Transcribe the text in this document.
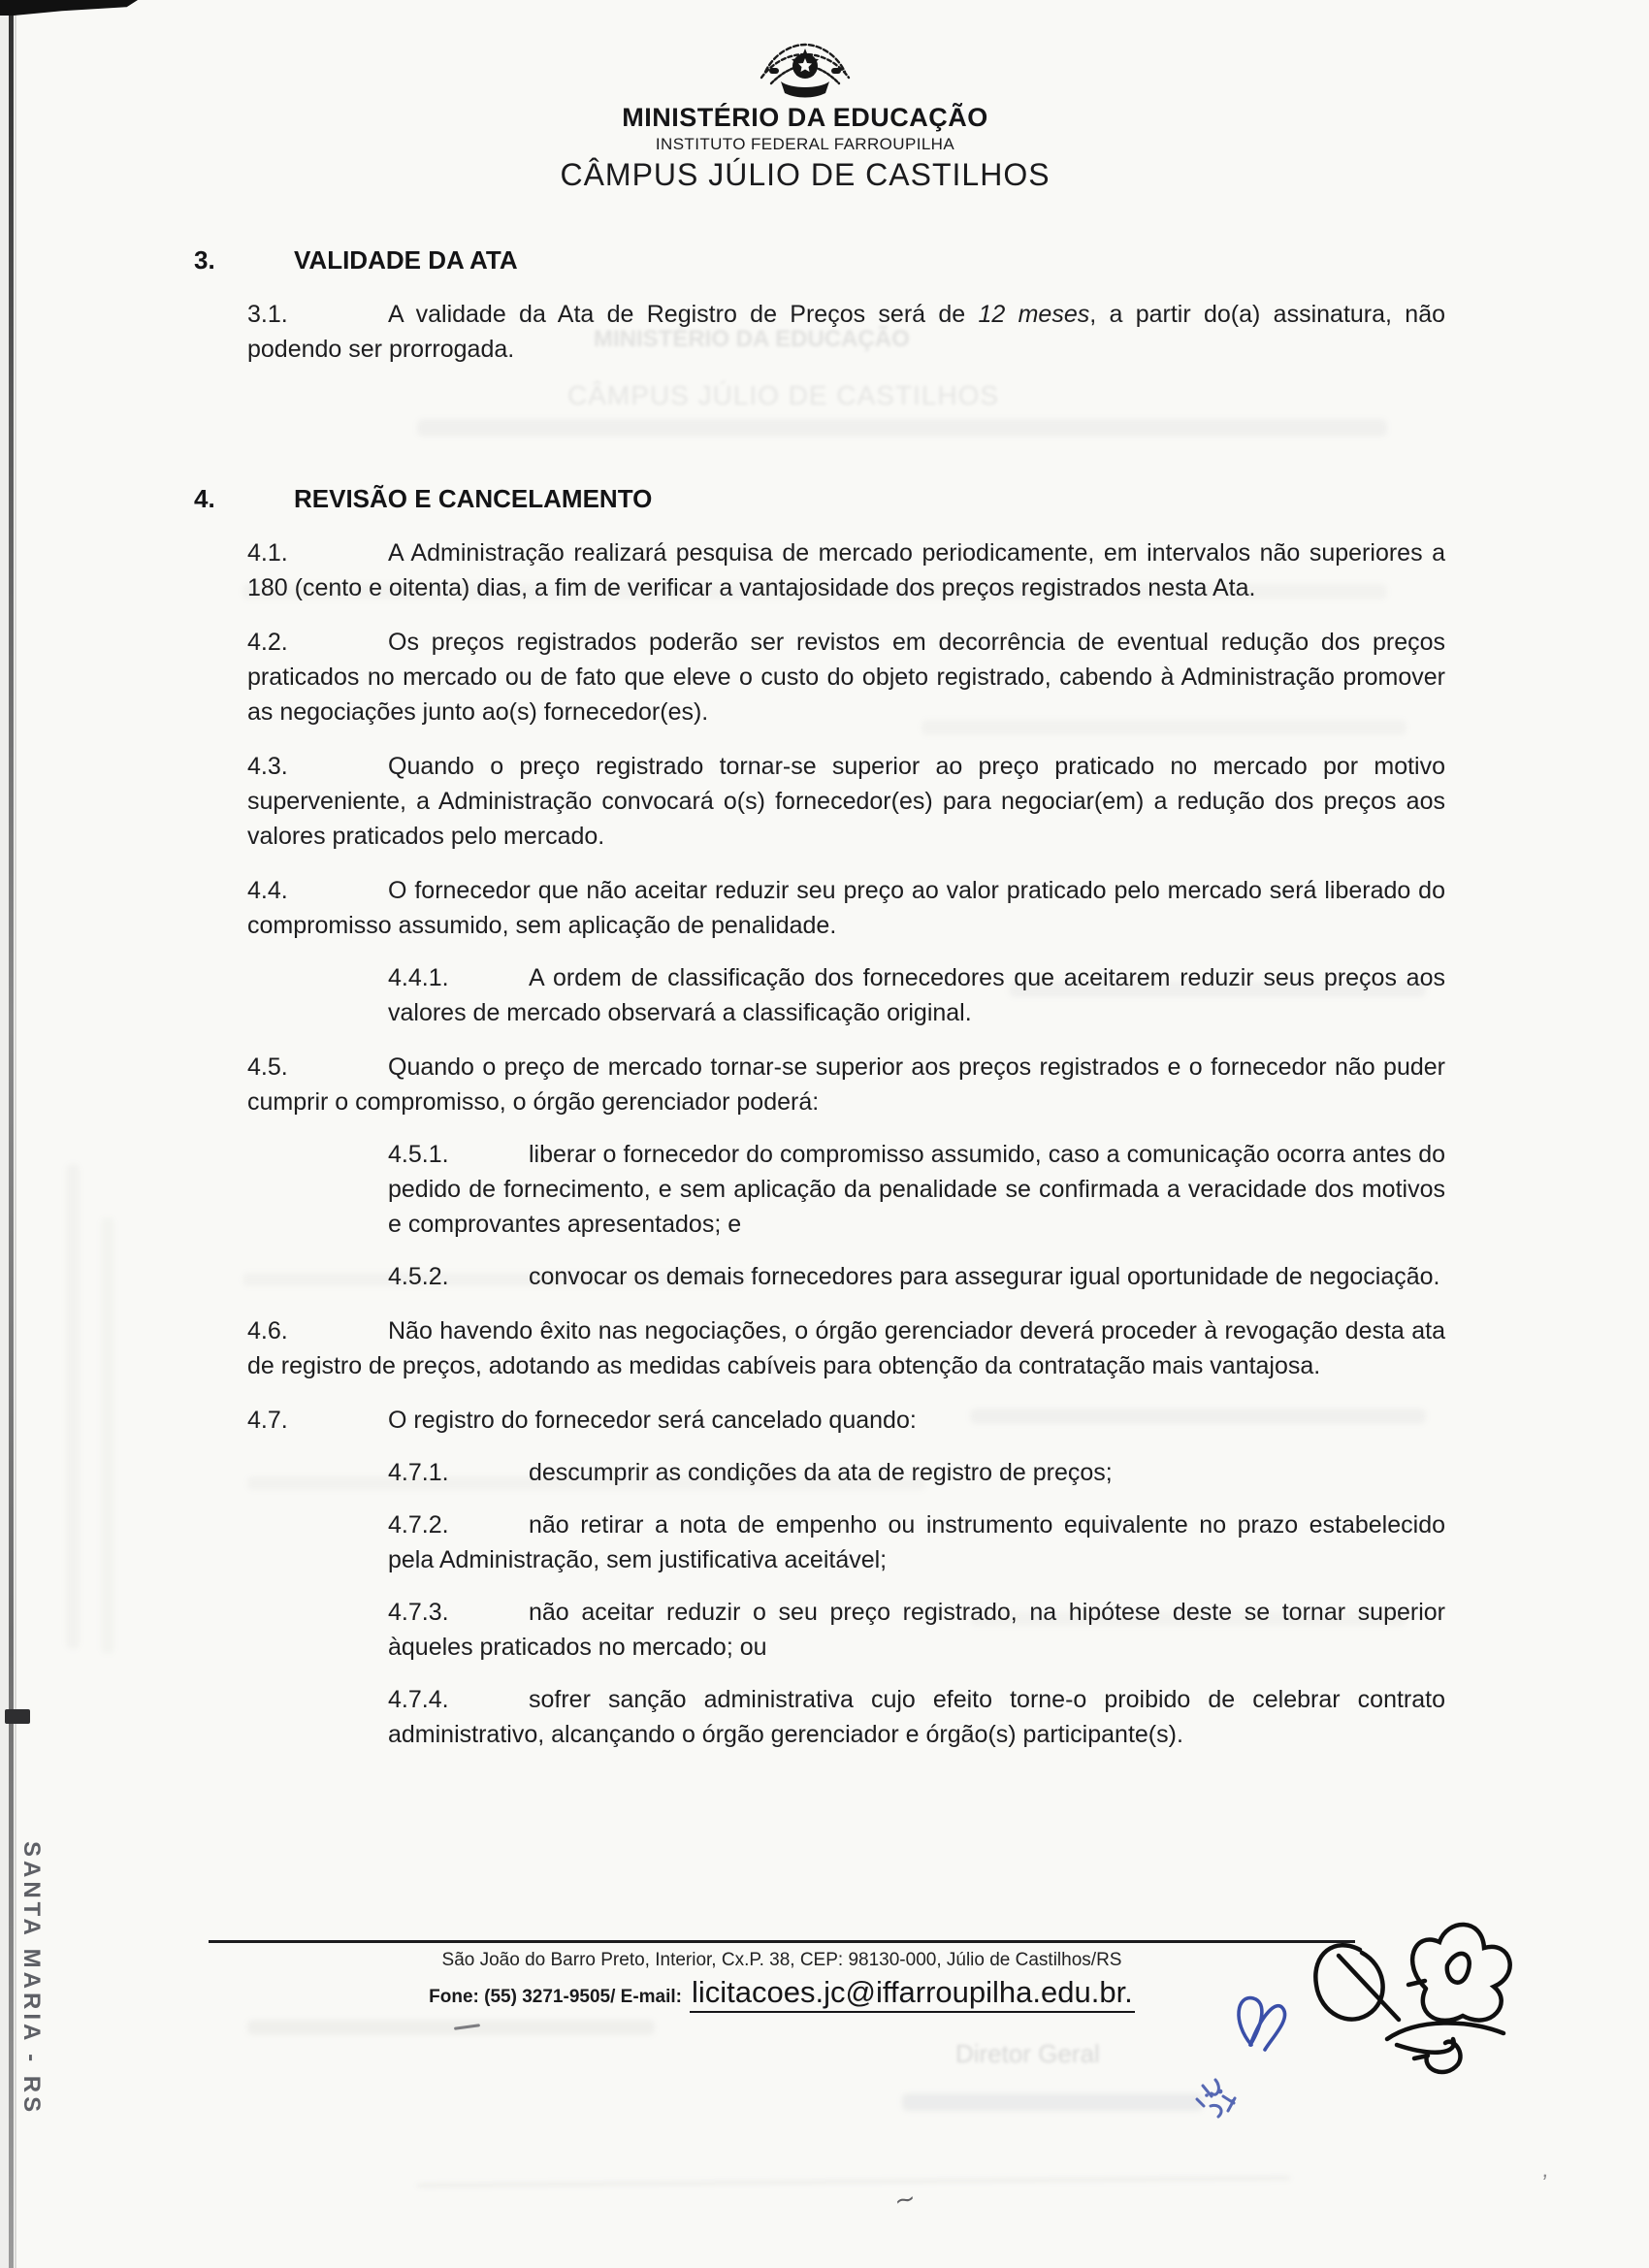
SANTA MARIA - RS
MINISTÉRIO DA EDUCAÇÃO
CÂMPUS JÚLIO DE CASTILHOS
Diretor Geral
MINISTÉRIO DA EDUCAÇÃO
INSTITUTO FEDERAL FARROUPILHA
CÂMPUS JÚLIO DE CASTILHOS
3.	VALIDADE DA ATA

3.1.	A validade da Ata de Registro de Preços será de 12 meses, a partir do(a) assinatura, não podendo ser prorrogada.

4.	REVISÃO E CANCELAMENTO

4.1.	A Administração realizará pesquisa de mercado periodicamente, em intervalos não superiores a 180 (cento e oitenta) dias, a fim de verificar a vantajosidade dos preços registrados nesta Ata.

4.2.	Os preços registrados poderão ser revistos em decorrência de eventual redução dos preços praticados no mercado ou de fato que eleve o custo do objeto registrado, cabendo à Administração promover as negociações junto ao(s) fornecedor(es).

4.3.	Quando o preço registrado tornar-se superior ao preço praticado no mercado por motivo superveniente, a Administração convocará o(s) fornecedor(es) para negociar(em) a redução dos preços aos valores praticados pelo mercado.

4.4.	O fornecedor que não aceitar reduzir seu preço ao valor praticado pelo mercado será liberado do compromisso assumido, sem aplicação de penalidade.

4.4.1.	A ordem de classificação dos fornecedores que aceitarem reduzir seus preços aos valores de mercado observará a classificação original.

4.5.	Quando o preço de mercado tornar-se superior aos preços registrados e o fornecedor não puder cumprir o compromisso, o órgão gerenciador poderá:

4.5.1.	liberar o fornecedor do compromisso assumido, caso a comunicação ocorra antes do pedido de fornecimento, e sem aplicação da penalidade se confirmada a veracidade dos motivos e comprovantes apresentados; e

4.5.2.	convocar os demais fornecedores para assegurar igual oportunidade de negociação.

4.6.	Não havendo êxito nas negociações, o órgão gerenciador deverá proceder à revogação desta ata de registro de preços, adotando as medidas cabíveis para obtenção da contratação mais vantajosa.

4.7.	O registro do fornecedor será cancelado quando:

4.7.1.	descumprir as condições da ata de registro de preços;

4.7.2.	não retirar a nota de empenho ou instrumento equivalente no prazo estabelecido pela Administração, sem justificativa aceitável;

4.7.3.	não aceitar reduzir o seu preço registrado, na hipótese deste se tornar superior àqueles praticados no mercado; ou

4.7.4.	sofrer sanção administrativa cujo efeito torne-o proibido de celebrar contrato administrativo, alcançando o órgão gerenciador e órgão(s) participante(s).

São João do Barro Preto, Interior, Cx.P. 38, CEP: 98130-000, Júlio de Castilhos/RS
Fone: (55) 3271-9505/ E-mail: licitacoes.jc@iffarroupilha.edu.br.
∼	ʼ
